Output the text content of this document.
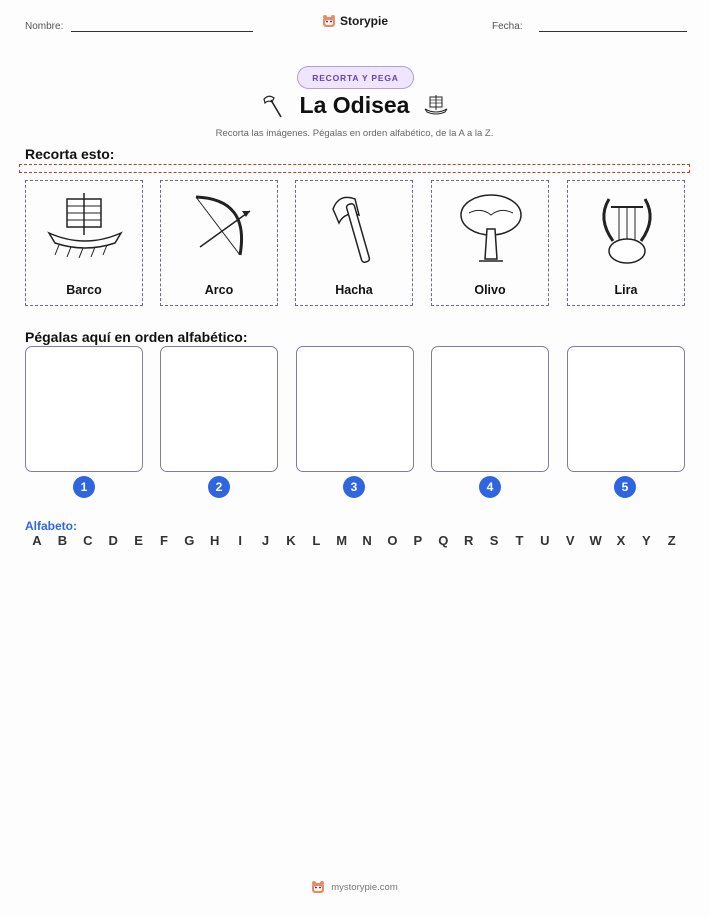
Nombre:	Storypie	Fecha:
RECORTA Y PEGA
La Odisea
Recorta las imágenes. Pégalas en orden alfabético, de la A a la Z.
Recorta esto:
Barco	Arco	Hacha	Olivo	Lira
Pégalas aquí en orden alfabético:
1	2	3	4	5
Alfabeto:
A	B	C	D	E	F	G	H	I	J	K	L	M	N	O	P	Q	R	S	T	U	V	W	X	Y	Z
mystorypie.com
